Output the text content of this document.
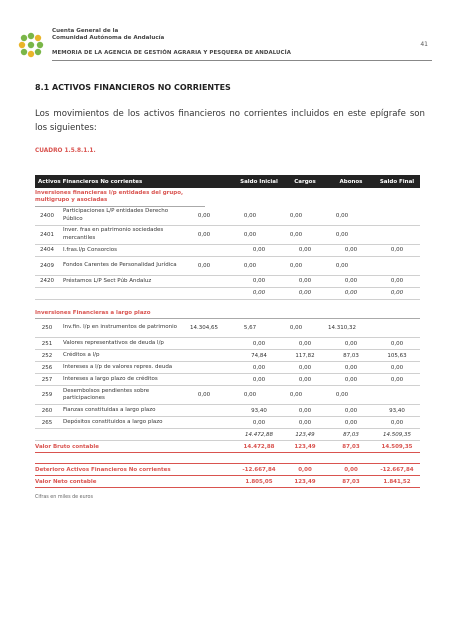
Cuenta General de la
Comunidad Autónoma de Andalucía
MEMORIA DE LA AGENCIA DE GESTIÓN AGRARIA Y PESQUERA DE ANDALUCÍA
41
8.1 ACTIVOS FINANCIEROS NO CORRIENTES
Los movimientos de los activos financieros no corrientes incluidos en este epígrafe son los siguientes:
CUADRO 1.5.8.1.1.
Activos Financieros No corrientes	Saldo Inicial	Cargos	Abonos	Saldo Final
Inversiones financieras l/p entidades del grupo, multigrupo y asociadas
2400
Participaciones L/P entidades Derecho Público	0,00	0,00	0,00	0,00
2401
Inver. fras en patrimonio sociedades mercantiles	0,00	0,00	0,00	0,00
2404	I.fras.l/p Consorcios	0,00	0,00	0,00	0,00
2409	Fondos Carentes de Personalidad Jurídica	0,00	0,00	0,00	0,00
2420	Préstamos L/P Sect Púb Andaluz	0,00	0,00	0,00	0,00
0,00	0,00	0,00	0,00
Inversiones Financieras a largo plazo
250	Inv.fin. l/p en instrumentos de patrimonio	14.304,65	5,67	0,00	14.310,32
251	Valores representativos de deuda l/p	0,00	0,00	0,00	0,00
252	Créditos a l/p	74,84	117,82	87,03	105,63
256	Intereses a l/p de valores repres. deuda	0,00	0,00	0,00	0,00
257	Intereses a largo plazo de créditos	0,00	0,00	0,00	0,00
259
Desembolsos pendientes sobre participaciones	0,00	0,00	0,00	0,00
260	Fianzas constituidas a largo plazo	93,40	0,00	0,00	93,40
265	Depósitos constituidos a largo plazo	0,00	0,00	0,00	0,00
14.472,88	123,49	87,03	14.509,35
Valor Bruto contable	14.472,88	123,49	87,03	14.509,35
Deterioro Activos Financieros No corrientes	-12.667,84	0,00	0,00	-12.667,84
Valor Neto contable	1.805,05	123,49	87,03	1.841,52
Cifras en miles de euros
